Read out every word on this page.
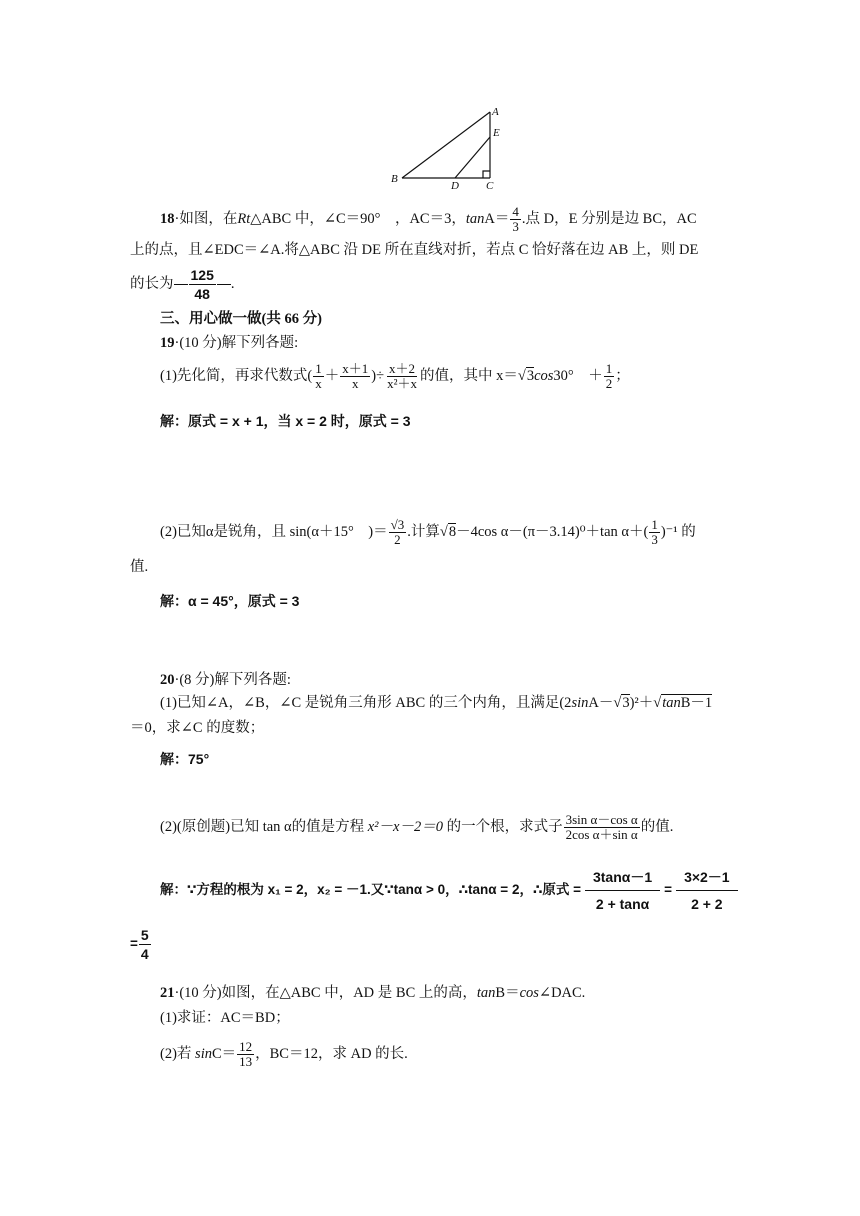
A
E
B
D C
18·如图，在Rt△ABC 中，∠C＝90°　，AC＝3，$\tan A= \frac{4}{3}$ .点 D，E 分别是边 BC，AC
上的点，且∠EDC＝∠A.将△ABC 沿 DE 所在直线对折，若点 C 恰好落在边 AB 上，则 DE
的长为 $\frac{125}{48}$ .
三、用心做一做(共 66 分)
19·(10 分)解下列各题:
(1)先化简，再求代数式( $\frac{1}{x} + \frac{x+1}{x}$ )÷ $\frac{x+2}{\text{x²＋x}}$ 的值，其中 x＝√3cos30°　＋ $\frac{1}{2}$ ；
解：原式 = x + 1，当 x = 2 时，原式 = 3
(2)已知α是锐角，且 sin(α＋15°　)＝ $\frac{√3}{2}$ .计算√8－4cos α－(π－3.14)⁰＋tan $\alpha+( \frac{1}{3} )^{-1}$ 的
值.
解：α = 45°，原式 = 3
20·(8 分)解下列各题:
(1)已知∠A，∠B，∠C 是锐角三角形 ABC 的三个内角，且满足(2sinA－√3)²＋√tanB－1
＝0，求∠C 的度数；
解：75°
(2)(原创题)已知 tan α的值是方程 x²－x－2＝0 的一个根，求式子 $\frac{\text{3sin α－cos α}}{\text{2cos α＋sin α}}$ 的值.
解：∵方程的根为 x₁ = 2，x₂ = －1.又∵tanα > 0，∴tanα = 2，∴原式 = $\frac{3\tan\alpha-1}{2 + \tan\alpha} = \frac{3\times 2-1}{2 + 2}$
= $\frac{5}{4}$
21·(10 分)如图，在△ABC 中，AD 是 BC 上的高，tanB＝cos∠DAC.
(1)求证：AC＝BD；
(2)若 $\sin C= \frac{12}{13}$ ，BC＝12，求 AD 的长.
